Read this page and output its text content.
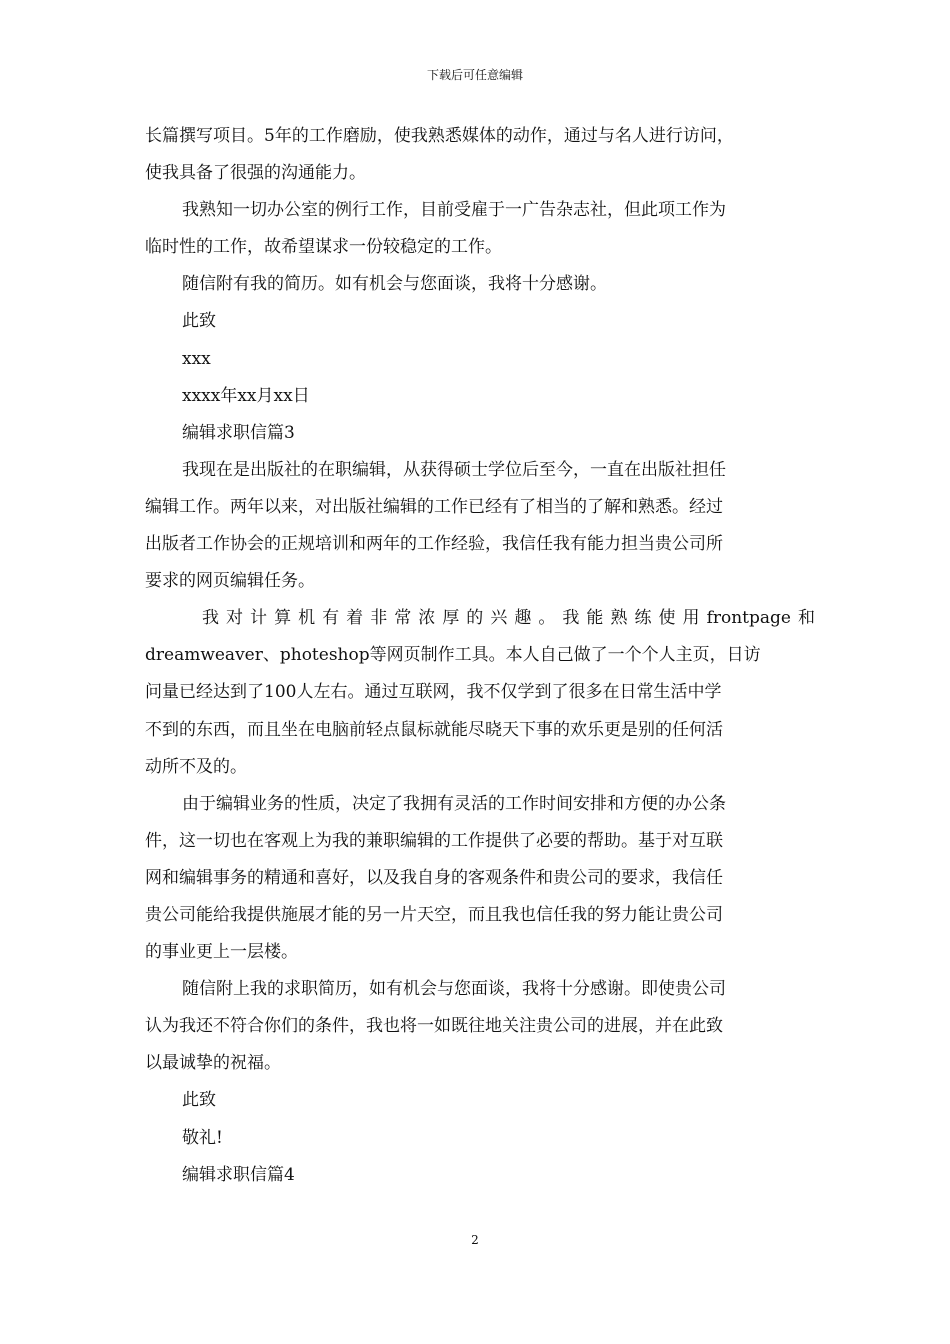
下载后可任意编辑
长篇撰写项目。5年的工作磨励，使我熟悉媒体的动作，通过与名人进行访问，
使我具备了很强的沟通能力。
我熟知一切办公室的例行工作，目前受雇于一广告杂志社，但此项工作为
临时性的工作，故希望谋求一份较稳定的工作。
随信附有我的简历。如有机会与您面谈，我将十分感谢。
此致
xxx
xxxx年xx月xx日
编辑求职信篇3
我现在是出版社的在职编辑，从获得硕士学位后至今，一直在出版社担任
编辑工作。两年以来，对出版社编辑的工作已经有了相当的了解和熟悉。经过
出版者工作协会的正规培训和两年的工作经验，我信任我有能力担当贵公司所
要求的网页编辑任务。
我对计算机有着非常浓厚的兴趣。我能熟练使用frontpage和
dreamweaver、photeshop等网页制作工具。本人自己做了一个个人主页，日访
问量已经达到了100人左右。通过互联网，我不仅学到了很多在日常生活中学
不到的东西，而且坐在电脑前轻点鼠标就能尽晓天下事的欢乐更是别的任何活
动所不及的。
由于编辑业务的性质，决定了我拥有灵活的工作时间安排和方便的办公条
件，这一切也在客观上为我的兼职编辑的工作提供了必要的帮助。基于对互联
网和编辑事务的精通和喜好，以及我自身的客观条件和贵公司的要求，我信任
贵公司能给我提供施展才能的另一片天空，而且我也信任我的努力能让贵公司
的事业更上一层楼。
随信附上我的求职简历，如有机会与您面谈，我将十分感谢。即使贵公司
认为我还不符合你们的条件，我也将一如既往地关注贵公司的进展，并在此致
以最诚挚的祝福。
此致
敬礼!
编辑求职信篇4
2
